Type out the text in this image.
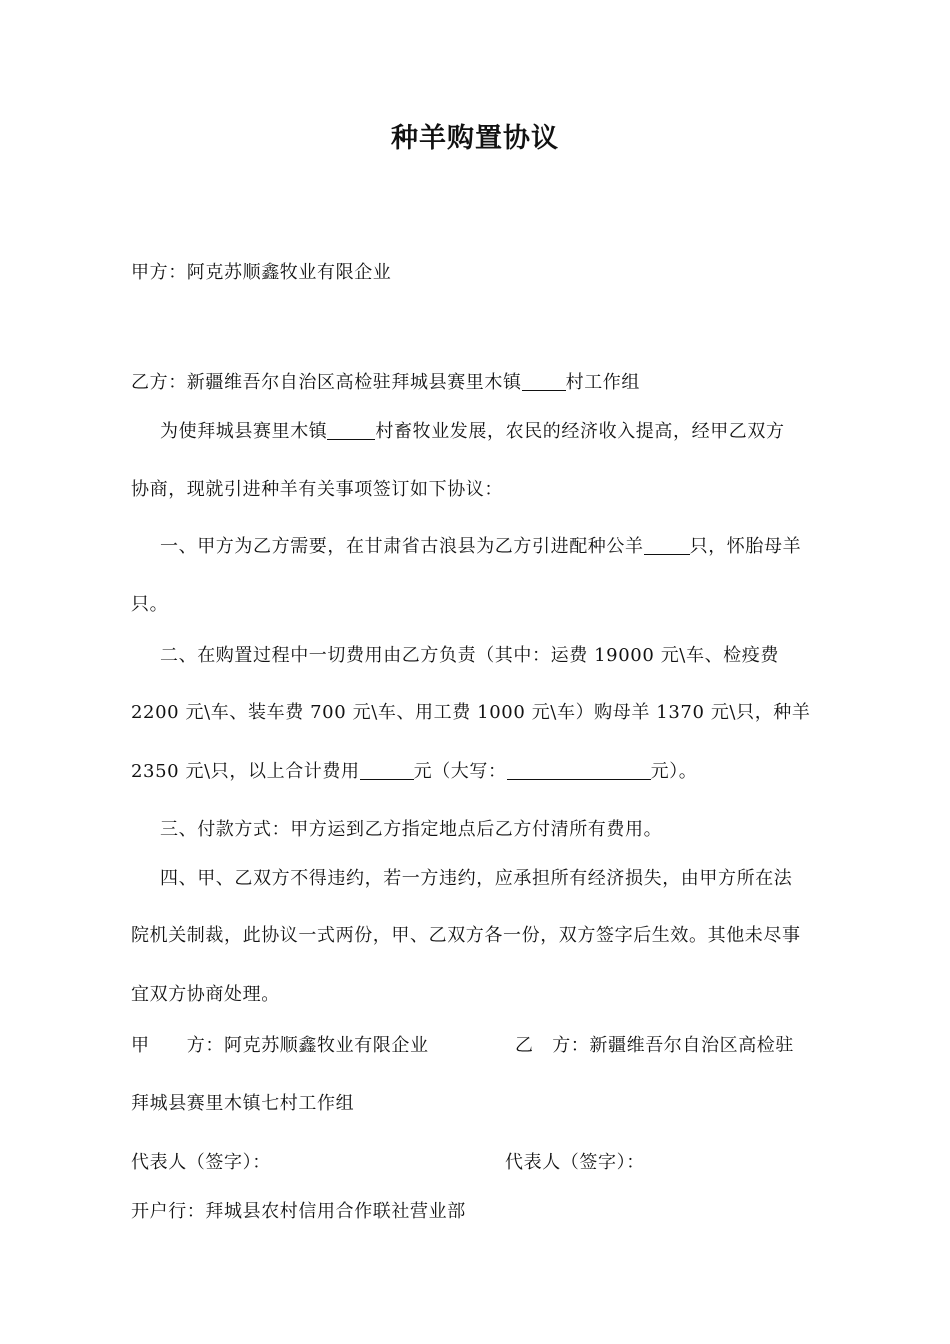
种羊购置协议
甲方：阿克苏顺鑫牧业有限企业
乙方：新疆维吾尔自治区高检驻拜城县赛里木镇 村工作组
为使拜城县赛里木镇	村畜牧业发展，农民的经济收入提高，经甲乙双方
协商，现就引进种羊有关事项签订如下协议：
一、甲方为乙方需要，在甘肃省古浪县为乙方引进配种公羊	只，怀胎母羊
只。
二、在购置过程中一切费用由乙方负责（其中：运费 19000 元\车、检疫费
2200 元\车、装车费 700 元\车、用工费 1000 元\车）购母羊 1370 元\只，种羊
2350 元\只，以上合计费用	元（大写：	元）。
三、付款方式：甲方运到乙方指定地点后乙方付清所有费用。
四、甲、乙双方不得违约，若一方违约，应承担所有经济损失，由甲方所在法
院机关制裁，此协议一式两份，甲、乙双方各一份，双方签字后生效。其他未尽事
宜双方协商处理。
甲　　方：阿克苏顺鑫牧业有限企业	乙　方：新疆维吾尔自治区高检驻
拜城县赛里木镇七村工作组
代表人（签字）：	代表人（签字）：
开户行：拜城县农村信用合作联社营业部
